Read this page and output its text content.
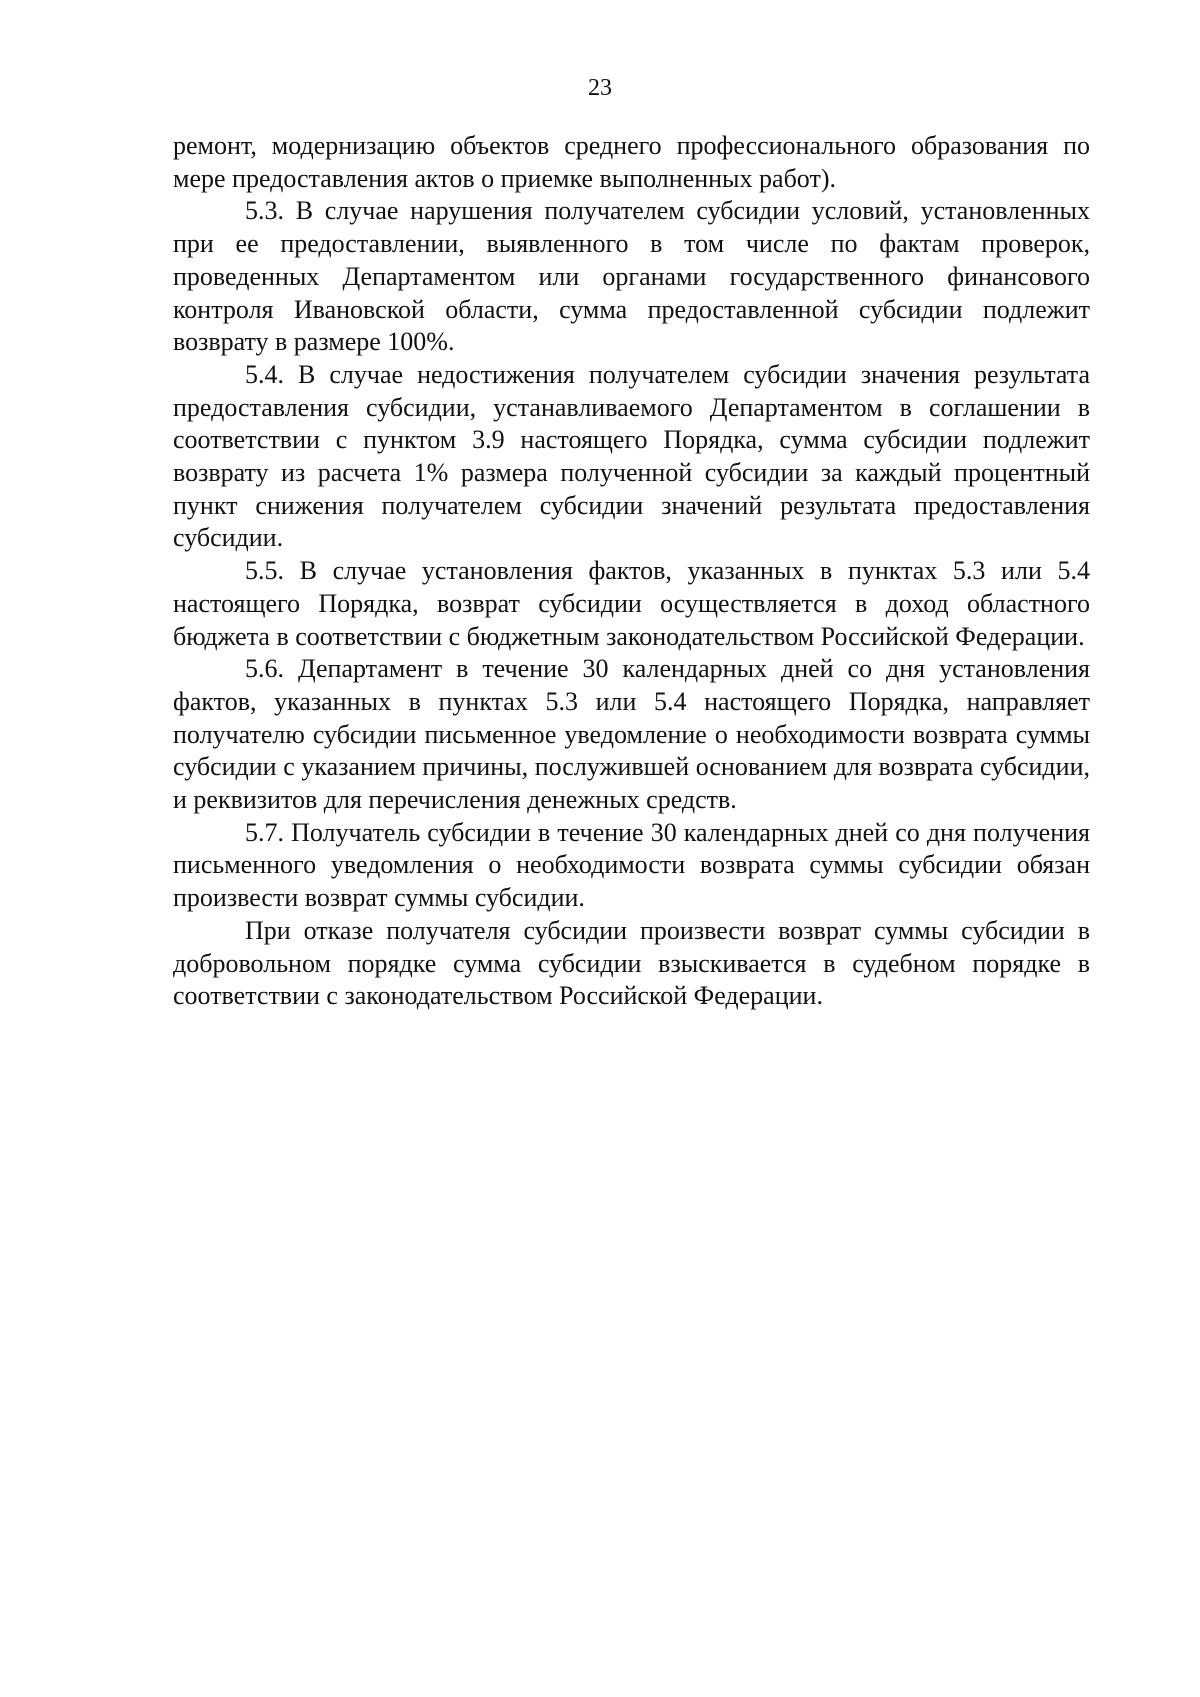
23

ремонт, модернизацию объектов среднего профессионального образования по мере предоставления актов о приемке выполненных работ).

5.3. В случае нарушения получателем субсидии условий, установленных при ее предоставлении, выявленного в том числе по фактам проверок, проведенных Департаментом или органами государственного финансового контроля Ивановской области, сумма предоставленной субсидии подлежит возврату в размере 100%.

5.4. В случае недостижения получателем субсидии значения результата предоставления субсидии, устанавливаемого Департаментом в соглашении в соответствии с пунктом 3.9 настоящего Порядка, сумма субсидии подлежит возврату из расчета 1% размера полученной субсидии за каждый процентный пункт снижения получателем субсидии значений результата предоставления субсидии.

5.5. В случае установления фактов, указанных в пунктах 5.3 или 5.4 настоящего Порядка, возврат субсидии осуществляется в доход областного бюджета в соответствии с бюджетным законодательством Российской Федерации.

5.6. Департамент в течение 30 календарных дней со дня установления фактов, указанных в пунктах 5.3 или 5.4 настоящего Порядка, направляет получателю субсидии письменное уведомление о необходимости возврата суммы субсидии с указанием причины, послужившей основанием для возврата субсидии, и реквизитов для перечисления денежных средств.

5.7. Получатель субсидии в течение 30 календарных дней со дня получения письменного уведомления о необходимости возврата суммы субсидии обязан произвести возврат суммы субсидии.

При отказе получателя субсидии произвести возврат суммы субсидии в добровольном порядке сумма субсидии взыскивается в судебном порядке в соответствии с законодательством Российской Федерации.
